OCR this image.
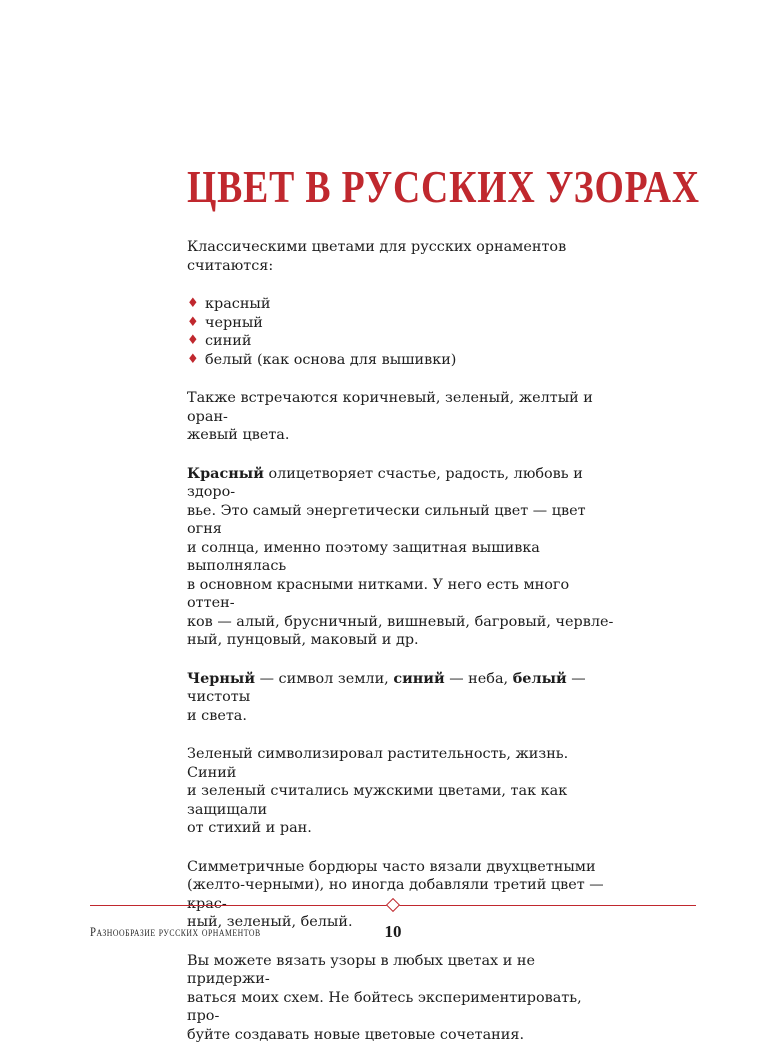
ЦВЕТ В РУССКИХ УЗОРАХ

Классическими цветами для русских орнаментов считаются:

♦ красный
♦ черный
♦ синий
♦ белый (как основа для вышивки)

Также встречаются коричневый, зеленый, желтый и оран-
жевый цвета.

Красный олицетворяет счастье, радость, любовь и здоро-
вье. Это самый энергетически сильный цвет — цвет огня
и солнца, именно поэтому защитная вышивка выполнялась
в основном красными нитками. У него есть много оттен-
ков — алый, брусничный, вишневый, багровый, червле-
ный, пунцовый, маковый и др.

Черный — символ земли, синий — неба, белый — чистоты
и света.

Зеленый символизировал растительность, жизнь. Синий
и зеленый считались мужскими цветами, так как защищали
от стихий и ран.

Симметричные бордюры часто вязали двухцветными
(желто-черными), но иногда добавляли третий цвет — крас-
ный, зеленый, белый.

Вы можете вязать узоры в любых цветах и не придержи-
ваться моих схем. Не бойтесь экспериментировать, про-
буйте создавать новые цветовые сочетания.

Разнообразие русских орнаментов	10
